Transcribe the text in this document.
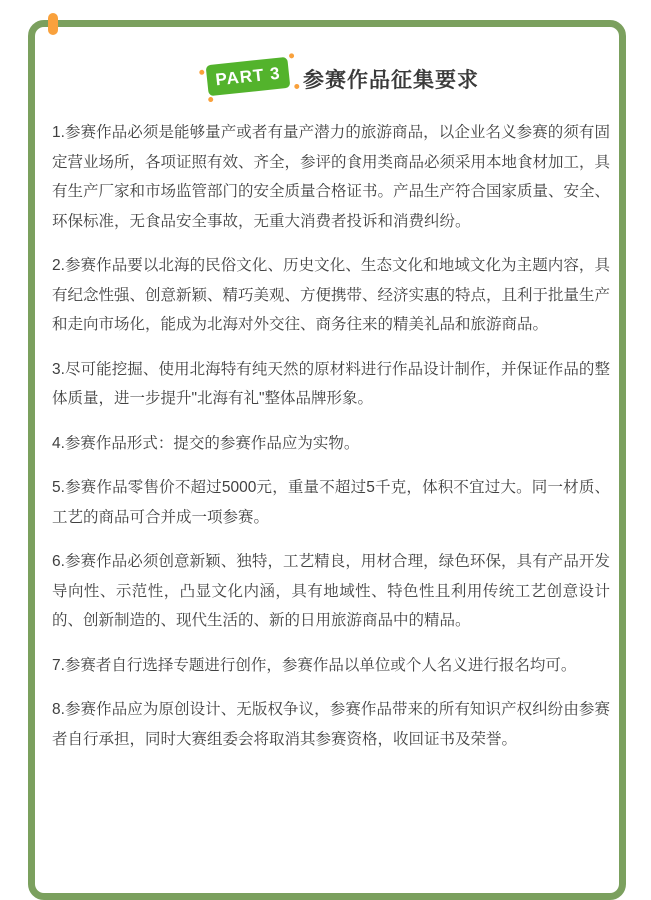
PART 3 参赛作品征集要求

1.参赛作品必须是能够量产或者有量产潜力的旅游商品，以企业名义参赛的须有固定营业场所，各项证照有效、齐全，参评的食用类商品必须采用本地食材加工，具有生产厂家和市场监管部门的安全质量合格证书。产品生产符合国家质量、安全、环保标准，无食品安全事故，无重大消费者投诉和消费纠纷。

2.参赛作品要以北海的民俗文化、历史文化、生态文化和地域文化为主题内容，具有纪念性强、创意新颖、精巧美观、方便携带、经济实惠的特点，且利于批量生产和走向市场化，能成为北海对外交往、商务往来的精美礼品和旅游商品。

3.尽可能挖掘、使用北海特有纯天然的原材料进行作品设计制作，并保证作品的整体质量，进一步提升"北海有礼"整体品牌形象。

4.参赛作品形式：提交的参赛作品应为实物。

5.参赛作品零售价不超过5000元，重量不超过5千克，体积不宜过大。同一材质、工艺的商品可合并成一项参赛。

6.参赛作品必须创意新颖、独特，工艺精良，用材合理，绿色环保，具有产品开发导向性、示范性，凸显文化内涵，具有地域性、特色性且利用传统工艺创意设计的、创新制造的、现代生活的、新的日用旅游商品中的精品。

7.参赛者自行选择专题进行创作，参赛作品以单位或个人名义进行报名均可。

8.参赛作品应为原创设计、无版权争议，参赛作品带来的所有知识产权纠纷由参赛者自行承担，同时大赛组委会将取消其参赛资格，收回证书及荣誉。
